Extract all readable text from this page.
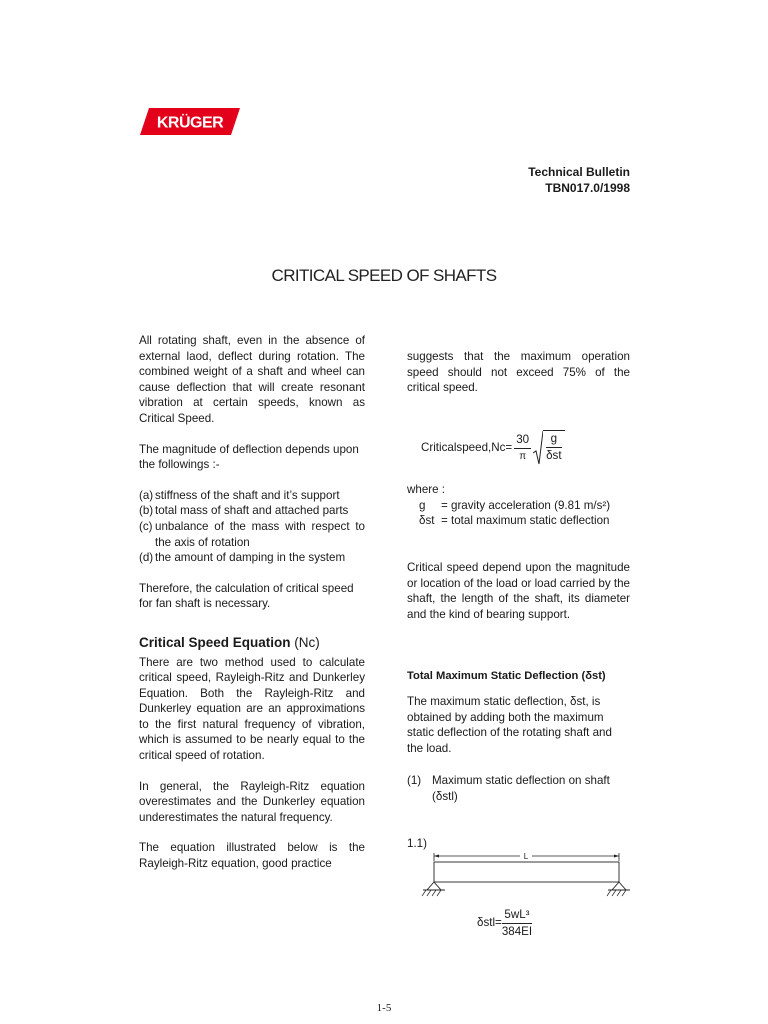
KRÜGER
Technical Bulletin
TBN017.0/1998
CRITICAL SPEED OF SHAFTS

All rotating shaft, even in the absence of external laod, deflect during rotation. The combined weight of a shaft and wheel can cause deflection that will create resonant vibration at certain speeds, known as Critical Speed.

The magnitude of deflection depends upon the followings :-

(a) stiffness of the shaft and it’s support
(b) total mass of shaft and attached parts
(c) unbalance of the mass with respect to the axis of rotation
(d) the amount of damping in the system

Therefore, the calculation of critical speed for fan shaft is necessary.

Critical Speed Equation (Nc)

There are two method used to calculate critical speed, Rayleigh-Ritz and Dunkerley Equation. Both the Rayleigh-Ritz and Dunkerley equation are an approximations to the first natural frequency of vibration, which is assumed to be nearly equal to the critical speed of rotation.

In general, the Rayleigh-Ritz equation overestimates and the Dunkerley equation underestimates the natural frequency.

The equation illustrated below is the Rayleigh-Ritz equation, good practice

suggests that the maximum operation speed should not exceed 75% of the critical speed.
Criticalspeed,Nc= $\frac{30}{\pi} \frac{g}{\text{δst}}$
where :
g = gravity acceleration (9.81 m/s²)
δst = total maximum static deflection
Critical speed depend upon the magnitude or location of the load or load carried by the shaft, the length of the shaft, its diameter and the kind of bearing support.
Total Maximum Static Deflection (δst)
The maximum static deflection, δst, is obtained by adding both the maximum static deflection of the rotating shaft and the load.
(1) Maximum static deflection on shaft
(δstl)
1.1)
L
$\delta stl= \frac{\text{5wL³}}{384EI}$
1-5
